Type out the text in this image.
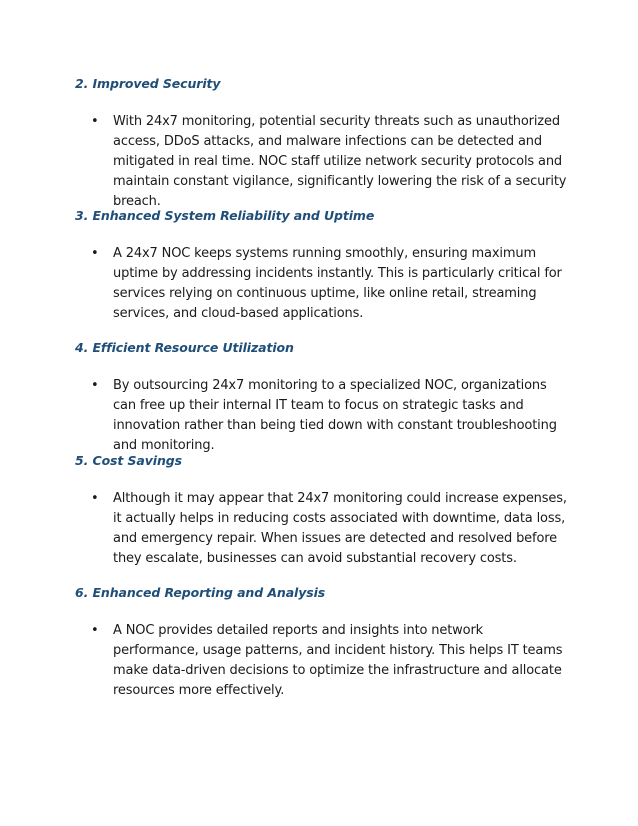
2. Improved Security
• With 24x7 monitoring, potential security threats such as unauthorized access, DDoS attacks, and malware infections can be detected and mitigated in real time. NOC staff utilize network security protocols and maintain constant vigilance, significantly lowering the risk of a security breach.
3. Enhanced System Reliability and Uptime
• A 24x7 NOC keeps systems running smoothly, ensuring maximum uptime by addressing incidents instantly. This is particularly critical for services relying on continuous uptime, like online retail, streaming services, and cloud-based applications.
4. Efficient Resource Utilization
• By outsourcing 24x7 monitoring to a specialized NOC, organizations can free up their internal IT team to focus on strategic tasks and innovation rather than being tied down with constant troubleshooting and monitoring.
5. Cost Savings
• Although it may appear that 24x7 monitoring could increase expenses, it actually helps in reducing costs associated with downtime, data loss, and emergency repair. When issues are detected and resolved before they escalate, businesses can avoid substantial recovery costs.
6. Enhanced Reporting and Analysis
• A NOC provides detailed reports and insights into network performance, usage patterns, and incident history. This helps IT teams make data-driven decisions to optimize the infrastructure and allocate resources more effectively.
